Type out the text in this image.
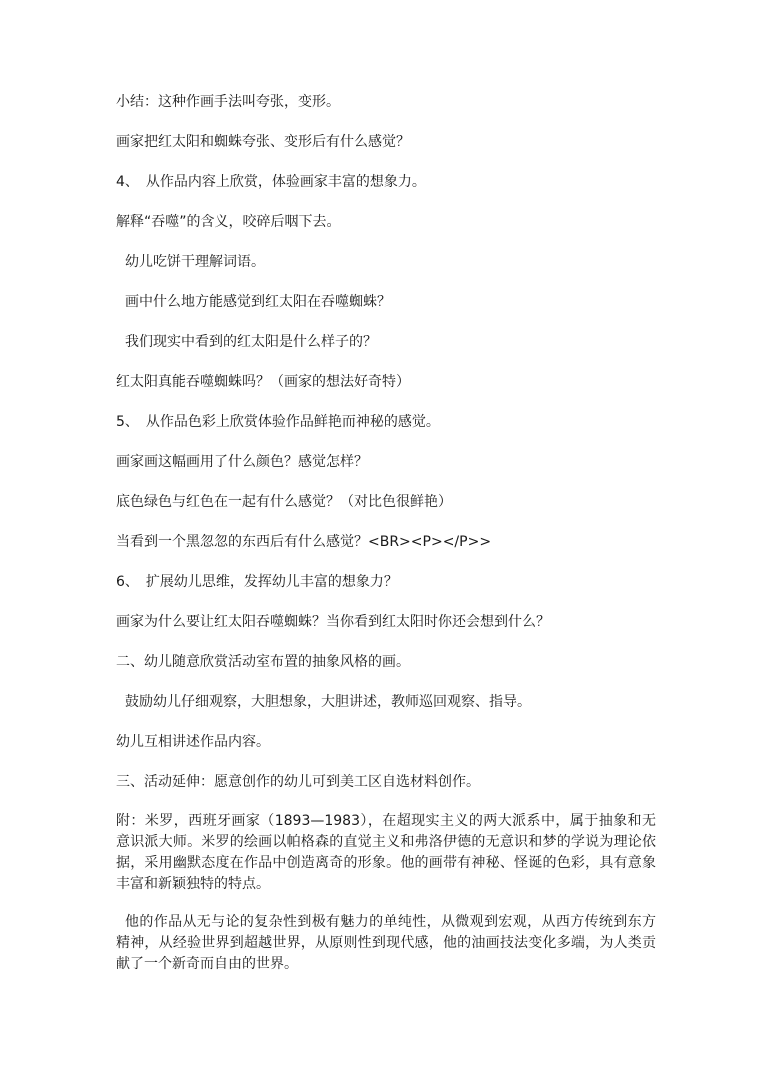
小结：这种作画手法叫夸张，变形。
画家把红太阳和蜘蛛夸张、变形后有什么感觉？
4、　从作品内容上欣赏，体验画家丰富的想象力。
解释“吞噬”的含义，咬碎后咽下去。
幼儿吃饼干理解词语。
画中什么地方能感觉到红太阳在吞噬蜘蛛？
我们现实中看到的红太阳是什么样子的？
红太阳真能吞噬蜘蛛吗？（画家的想法好奇特）
5、　从作品色彩上欣赏体验作品鲜艳而神秘的感觉。
画家画这幅画用了什么颜色？感觉怎样？
底色绿色与红色在一起有什么感觉？（对比色很鲜艳）
当看到一个黑忽忽的东西后有什么感觉？<BR><P></P>>
6、　扩展幼儿思维，发挥幼儿丰富的想象力？
画家为什么要让红太阳吞噬蜘蛛？当你看到红太阳时你还会想到什么？
二、幼儿随意欣赏活动室布置的抽象风格的画。
鼓励幼儿仔细观察，大胆想象，大胆讲述，教师巡回观察、指导。
幼儿互相讲述作品内容。
三、活动延伸：愿意创作的幼儿可到美工区自选材料创作。
附：米罗，西班牙画家（1893—1983），在超现实主义的两大派系中，属于抽象和无意识派大师。米罗的绘画以帕格森的直觉主义和弗洛伊德的无意识和梦的学说为理论依据，采用幽默态度在作品中创造离奇的形象。他的画带有神秘、怪诞的色彩，具有意象丰富和新颖独特的特点。
他的作品从无与论的复杂性到极有魅力的单纯性，从微观到宏观，从西方传统到东方精神，从经验世界到超越世界，从原则性到现代感，他的油画技法变化多端，为人类贡献了一个新奇而自由的世界。
